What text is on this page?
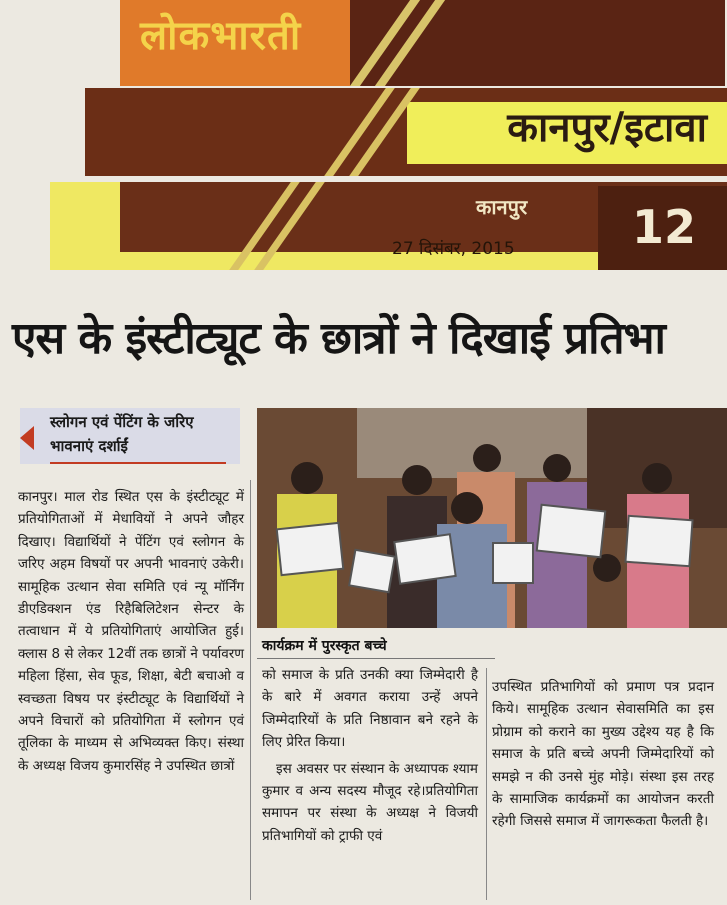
लोकभारती
कानपुर/इटावा
कानपुर
27 दिसंबर, 2015	12
एस के इंस्टीट्यूट के छात्रों ने दिखाई प्रतिभा
स्लोगन एवं पेंटिंग के जरिए भावनाएं दर्शाईं
कार्यक्रम में पुरस्कृत बच्चे

कानपुर। माल रोड स्थित एस के इंस्टीट्यूट में प्रतियोगिताओं में मेधावियों ने अपने जौहर दिखाए। विद्यार्थियों ने पेंटिंग एवं स्लोगन के जरिए अहम विषयों पर अपनी भावनाएं उकेरी। सामूहिक उत्थान सेवा समिति एवं न्यू मॉर्निंग डीएडिक्शन एंड रिहैबिलिटेशन सेन्टर के तत्वाधान में ये प्रतियोगिताएं आयोजित हुई। क्लास 8 से लेकर 12वीं तक छात्रों ने पर्यावरण महिला हिंसा, सेव फूड, शिक्षा, बेटी बचाओ व स्वच्छता विषय पर इंस्टीट्यूट के विद्यार्थियों ने अपने विचारों को प्रतियोगिता में स्लोगन एवं तूलिका के माध्यम से अभिव्यक्त किए। संस्था के अध्यक्ष विजय कुमारसिंह ने उपस्थित छात्रों

को समाज के प्रति उनकी क्या जिम्मेदारी है के बारे में अवगत कराया उन्हें अपने जिम्मेदारियों के प्रति निष्ठावान बने रहने के लिए प्रेरित किया।

इस अवसर पर संस्थान के अध्यापक श्याम कुमार व अन्य सदस्य मौजूद रहे।प्रतियोगिता समापन पर संस्था के अध्यक्ष ने विजयी प्रतिभागियों को ट्राफी एवं

उपस्थित प्रतिभागियों को प्रमाण पत्र प्रदान किये। सामूहिक उत्थान सेवासमिति का इस प्रोग्राम को कराने का मुख्य उद्देश्य यह है कि समाज के प्रति बच्चे अपनी जिम्मेदारियों को समझे न की उनसे मुंह मोड़े। संस्था इस तरह के सामाजिक कार्यक्रमों का आयोजन करती रहेगी जिससे समाज में जागरूकता फैलती है।
